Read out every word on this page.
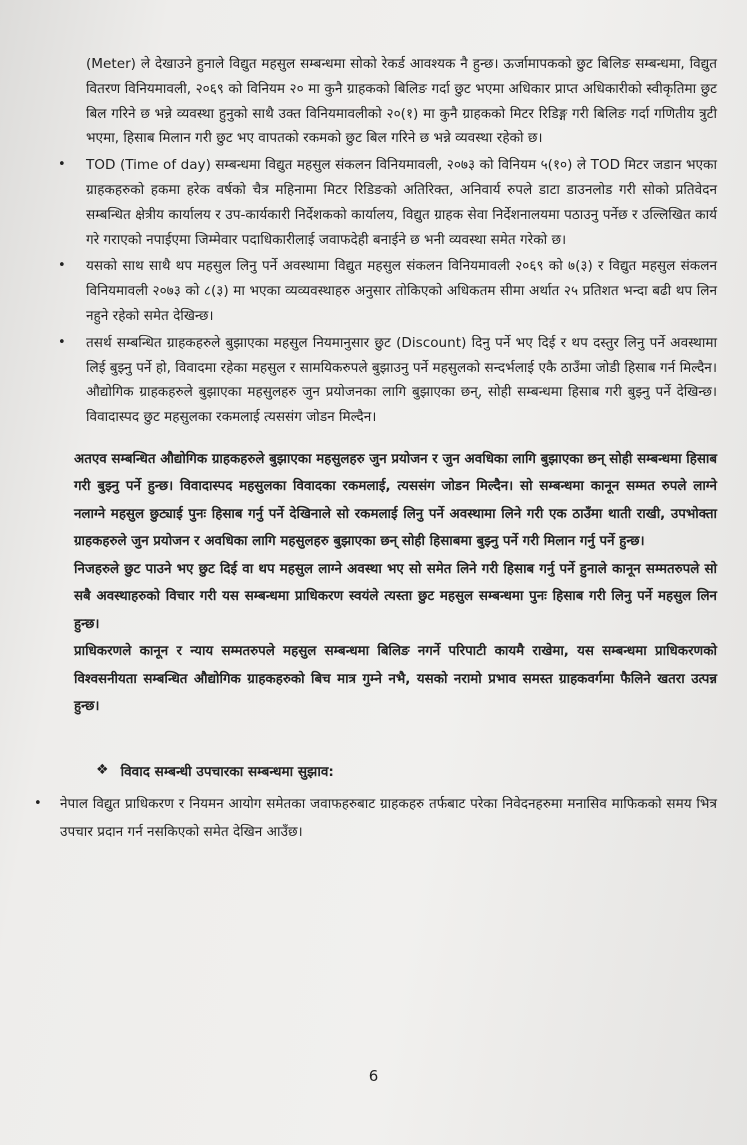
(Meter) ले देखाउने हुनाले विद्युत महसुल सम्बन्धमा सोको रेकर्ड आवश्यक नै हुन्छ। ऊर्जामापकको छुट बिलिङ सम्बन्धमा, विद्युत वितरण विनियमावली, २०६९ को विनियम २० मा कुनै ग्राहकको बिलिङ गर्दा छुट भएमा अधिकार प्राप्त अधिकारीको स्वीकृतिमा छुट बिल गरिने छ भन्ने व्यवस्था हुनुको साथै उक्त विनियमावलीको २०(१) मा कुनै ग्राहकको मिटर रिडिङ्ग गरी बिलिङ गर्दा गणितीय त्रुटी भएमा, हिसाब मिलान गरी छुट भए वापतको रकमको छुट बिल गरिने छ भन्ने व्यवस्था रहेको छ।

• TOD (Time of day) सम्बन्धमा विद्युत महसुल संकलन विनियमावली, २०७३ को विनियम ५(१०) ले TOD मिटर जडान भएका ग्राहकहरुको हकमा हरेक वर्षको चैत्र महिनामा मिटर रिडिङको अतिरिक्त, अनिवार्य रुपले डाटा डाउनलोड गरी सोको प्रतिवेदन सम्बन्धित क्षेत्रीय कार्यालय र उप-कार्यकारी निर्देशकको कार्यालय, विद्युत ग्राहक सेवा निर्देशनालयमा पठाउनु पर्नेछ र उल्लिखित कार्य गरे गराएको नपाईएमा जिम्मेवार पदाधिकारीलाई जवाफदेही बनाईने छ भनी व्यवस्था समेत गरेको छ।
• यसको साथ साथै थप महसुल लिनु पर्ने अवस्थामा विद्युत महसुल संकलन विनियमावली २०६९ को ७(३) र विद्युत महसुल संकलन विनियमावली २०७३ को ८(३) मा भएका व्यव्यवस्थाहरु अनुसार तोकिएको अधिकतम सीमा अर्थात २५ प्रतिशत भन्दा बढी थप लिन नहुने रहेको समेत देखिन्छ।
• तसर्थ सम्बन्धित ग्राहकहरुले बुझाएका महसुल नियमानुसार छुट (Discount) दिनु पर्ने भए दिई र थप दस्तुर लिनु पर्ने अवस्थामा लिई बुझ्नु पर्ने हो, विवादमा रहेका महसुल र सामयिकरुपले बुझाउनु पर्ने महसुलको सन्दर्भलाई एकै ठाउँमा जोडी हिसाब गर्न मिल्दैन। औद्योगिक ग्राहकहरुले बुझाएका महसुलहरु जुन प्रयोजनका लागि बुझाएका छन्, सोही सम्बन्धमा हिसाब गरी बुझ्नु पर्ने देखिन्छ। विवादास्पद छुट महसुलका रकमलाई त्यससंग जोडन मिल्दैन।

अतएव सम्बन्धित औद्योगिक ग्राहकहरुले बुझाएका महसुलहरु जुन प्रयोजन र जुन अवधिका लागि बुझाएका छन् सोही सम्बन्धमा हिसाब गरी बुझ्नु पर्ने हुन्छ। विवादास्पद महसुलका विवादका रकमलाई, त्यससंग जोडन मिल्दैन। सो सम्बन्धमा कानून सम्मत रुपले लाग्ने नलाग्ने महसुल छुट्याई पुनः हिसाब गर्नु पर्ने देखिनाले सो रकमलाई लिनु पर्ने अवस्थामा लिने गरी एक ठाउँमा थाती राखी, उपभोक्ता ग्राहकहरुले जुन प्रयोजन र अवधिका लागि महसुलहरु बुझाएका छन् सोही हिसाबमा बुझ्नु पर्ने गरी मिलान गर्नु पर्ने हुन्छ।

निजहरुले छुट पाउने भए छुट दिई वा थप महसुल लाग्ने अवस्था भए सो समेत लिने गरी हिसाब गर्नु पर्ने हुनाले कानून सम्मतरुपले सो सबै अवस्थाहरुको विचार गरी यस सम्बन्धमा प्राधिकरण स्वयंले त्यस्ता छुट महसुल सम्बन्धमा पुनः हिसाब गरी लिनु पर्ने महसुल लिन हुन्छ।

प्राधिकरणले कानून र न्याय सम्मतरुपले महसुल सम्बन्धमा बिलिङ नगर्ने परिपाटी कायमै राखेमा, यस सम्बन्धमा प्राधिकरणको विश्वसनीयता सम्बन्धित औद्योगिक ग्राहकहरुको बिच मात्र गुम्ने नभै, यसको नरामो प्रभाव समस्त ग्राहकवर्गमा फैलिने खतरा उत्पन्न हुन्छ।

❖ विवाद सम्बन्धी उपचारका सम्बन्धमा सुझाव:
• नेपाल विद्युत प्राधिकरण र नियमन आयोग समेतका जवाफहरुबाट ग्राहकहरु तर्फबाट परेका निवेदनहरुमा मनासिव माफिकको समय भित्र उपचार प्रदान गर्न नसकिएको समेत देखिन आउँछ।
6
